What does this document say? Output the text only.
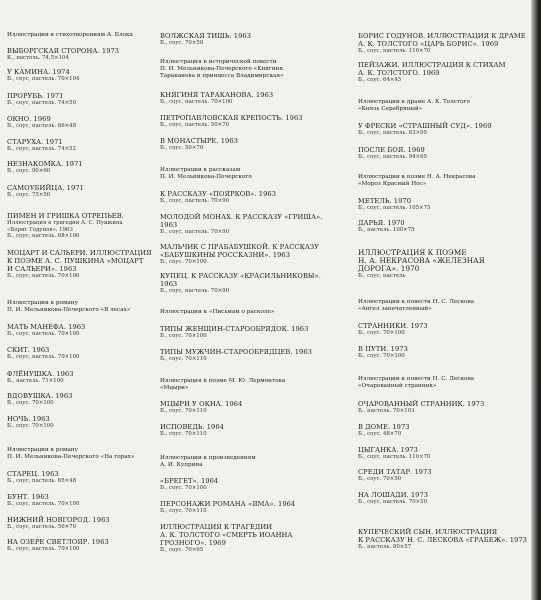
Иллюстрации к стихотворениям А. Блока
ВЫБОРГСКАЯ СТОРОНА. 1973
К., пастель. 74,5×104
У КАМИНА. 1974
Б., соус, пастель. 70×104
ПРОРУБЬ. 1971
Б., соус, пастель. 74×50
ОКНО. 1969
Б., соус, пастель. 66×48
СТАРУХА. 1971
Б., соус, пастель. 74×52
НЕЗНАКОМКА. 1971
Б., соус. 90×60
САМОУБИЙЦА. 1971
Б., соус. 75×50
ПИМЕН И ГРИШКА ОТРЕПЬЕВ.
Иллюстрация к трагедии А. С. Пушкина
«Борис Годунов». 1963
Б., соус, пастель. 68×100
МОЦАРТ И САЛЬЕРИ. ИЛЛЮСТРАЦИЯ
К ПОЭМЕ А. С. ПУШКИНА «МОЦАРТ
И САЛЬЕРИ». 1963
Б., соус, пастель. 70×100
Иллюстрации к роману
П. И. Мельникова-Печерского «В лесах»
МАТЬ МАНЕФА. 1963
Б., соус, пастель. 70×100
СКИТ. 1963
Б., соус, пастель. 70×100
ФЛЁНУШКА. 1963
Б., пастель. 71×100
ВДОВУШКА. 1963
Б., соус. 70×100
НОЧЬ. 1963
Б., соус. 70×100
Иллюстрации к роману
П. И. Мельникова-Печерского «На горах»
СТАРЕЦ. 1963
Б., соус, пастель. 65×48
БУНТ. 1963
Б., соус, пастель. 70×100
НИЖНИЙ НОВГОРОД. 1963
Б., соус, пастель. 50×70
НА ОЗЕРЕ СВЕТЛОЯР. 1963
Б., соус, пастель. 70×100
ВОЛЖСКАЯ ТИШЬ. 1963
Б., соус. 70×50
Иллюстрация к исторической повести
П. И. Мельникова-Печерского «Княгиня
Тараканова и принцесса Владимирская»
КНЯГИНЯ ТАРАКАНОВА. 1963
Б., соус, пастель. 70×100
ПЕТРОПАВЛОВСКАЯ КРЕПОСТЬ. 1963
Б., соус, пастель. 50×70
В МОНАСТЫРЕ. 1963
Б., соус. 50×70
Иллюстрации к рассказам
П. И. Мельникова-Печерского
К РАССКАЗУ «ПОЯРКОВ». 1963
Б., соус, пастель. 70×90
МОЛОДОЙ МОНАХ. К РАССКАЗУ «ГРИША».
1963
Б., соус, пастель. 70×90
МАЛЬЧИК С ПРАБАБУШКОЙ. К РАССКАЗУ
«БАБУШКИНЫ РОССКАЗНИ». 1963
Б., соус. 70×100
КУПЕЦ. К РАССКАЗУ «КРАСИЛЬНИКОВЫ».
1963
Б., соус, пастель. 70×90
Иллюстрации к «Письмам о расколе»
ТИПЫ ЖЕНЩИН-СТАРООБРЯДОК. 1963
Б., соус. 70×100
ТИПЫ МУЖЧИН-СТАРООБРЯДЦЕВ. 1963
Б., соус. 70×110
Иллюстрация к поэме М. Ю. Лермонтова
«Мцыри»
МЦЫРИ У ОКНА. 1964
Б., соус. 70×110
ИСПОВЕДЬ. 1964
Б., соус. 70×110
Иллюстрации к произведениям
А. И. Куприна
«БРЕГЕТ». 1964
Б., соус. 70×100
ПЕРСОНАЖИ РОМАНА «ЯМА». 1964
Б., соус. 70×110
ИЛЛЮСТРАЦИЯ К ТРАГЕДИИ
А. К. ТОЛСТОГО «СМЕРТЬ ИОАННА
ГРОЗНОГО». 1969
Б., соус. 70×65
БОРИС ГОДУНОВ. ИЛЛЮСТРАЦИЯ К ДРАМЕ
А. К. ТОЛСТОГО «ЦАРЬ БОРИС». 1969
Б., соус, пастель. 110×70
ПЕЙЗАЖИ. ИЛЛЮСТРАЦИЯ К СТИХАМ
А. К. ТОЛСТОГО. 1969
Б., соус. 64×45
Иллюстрации к драме А. К. Толстого
«Князь Серебряный»
У ФРЕСКИ «СТРАШНЫЙ СУД». 1969
Б., соус, пастель. 63×95
ПОСЛЕ БОЯ. 1969
Б., соус, пастель. 94×65
Иллюстрации к поэме Н. А. Некрасова
«Мороз Красный Нос»
МЕТЕЛЬ. 1970
Б., соус, пастель. 105×75
ДАРЬЯ. 1970
Б., пастель. 100×75
ИЛЛЮСТРАЦИЯ К ПОЭМЕ
Н. А. НЕКРАСОВА «ЖЕЛЕЗНАЯ
ДОРОГА». 1970
Б., соус, пастель
Иллюстрации к повести Н. С. Лескова
«Ангел запечатленный»
СТРАННИКИ. 1973
Б., соус. 70×100
В ПУТИ. 1973
Б., соус. 70×100
Иллюстрации к повести Н. С. Лескова
«Очарованный странник»
ОЧАРОВАННЫЙ СТРАННИК. 1973
Б., пастель. 70×103
В ДОМЕ. 1973
Б., соус. 48×70
ЦЫГАНКА. 1973
Б., соус, пастель. 110×70
СРЕДИ ТАТАР. 1973
Б., соус. 70×50
НА ЛОШАДИ. 1973
Б., соус, пастель. 70×50
КУПЕЧЕСКИЙ СЫН. ИЛЛЮСТРАЦИЯ
К РАССКАЗУ Н. С. ЛЕСКОВА «ГРАБЕЖ». 1973
Б., пастель. 80×57
